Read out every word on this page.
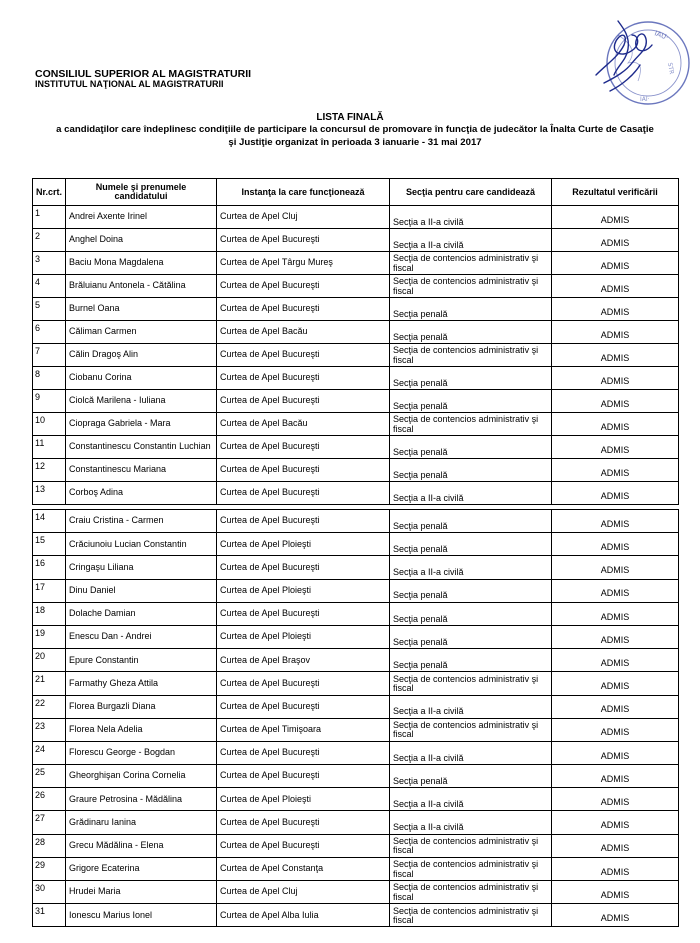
CONSILIUL SUPERIOR AL MAGISTRATURII
INSTITUTUL NAŢIONAL AL MAGISTRATURII
IAU·
STR
IAI·
LISTA FINALĂ
a candidaţilor care îndeplinesc condiţiile de participare la concursul de promovare în funcţia de judecător la Înalta Curte de Casaţie
şi Justiţie organizat în perioada 3 ianuarie - 31 mai 2017
Nr.crt.	Numele şi prenumele candidatului	Instanţa la care funcţionează	Secţia pentru care candidează	Rezultatul verificării
1	Andrei Axente Irinel	Curtea de Apel Cluj	Secţia a II-a civilă	ADMIS
2	Anghel Doina	Curtea de Apel Bucureşti	Secţia a II-a civilă	ADMIS
3	Baciu Mona Magdalena	Curtea de Apel Târgu Mureş	Secţia de contencios administrativ şi fiscal	ADMIS
4	Brăluianu Antonela - Cătălina	Curtea de Apel Bucureşti	Secţia de contencios administrativ şi fiscal	ADMIS
5	Burnel Oana	Curtea de Apel Bucureşti	Secţia penală	ADMIS
6	Căliman Carmen	Curtea de Apel Bacău	Secţia penală	ADMIS
7	Călin Dragoş Alin	Curtea de Apel Bucureşti	Secţia de contencios administrativ şi fiscal	ADMIS
8	Ciobanu Corina	Curtea de Apel Bucureşti	Secţia penală	ADMIS
9	Ciolcă Marilena - Iuliana	Curtea de Apel Bucureşti	Secţia penală	ADMIS
10	Ciopraga Gabriela - Mara	Curtea de Apel Bacău	Secţia de contencios administrativ şi fiscal	ADMIS
11	Constantinescu Constantin Luchian	Curtea de Apel Bucureşti	Secţia penală	ADMIS
12	Constantinescu Mariana	Curtea de Apel Bucureşti	Secţia penală	ADMIS
13	Corboş Adina	Curtea de Apel Bucureşti	Secţia a II-a civilă	ADMIS
14	Craiu Cristina - Carmen	Curtea de Apel Bucureşti	Secţia penală	ADMIS
15	Crăciunoiu Lucian Constantin	Curtea de Apel Ploieşti	Secţia penală	ADMIS
16	Cringaşu Liliana	Curtea de Apel Bucureşti	Secţia a II-a civilă	ADMIS
17	Dinu Daniel	Curtea de Apel Ploieşti	Secţia penală	ADMIS
18	Dolache Damian	Curtea de Apel Bucureşti	Secţia penală	ADMIS
19	Enescu Dan - Andrei	Curtea de Apel Ploieşti	Secţia penală	ADMIS
20	Epure Constantin	Curtea de Apel Braşov	Secţia penală	ADMIS
21	Farmathy Gheza Attila	Curtea de Apel Bucureşti	Secţia de contencios administrativ şi fiscal	ADMIS
22	Florea Burgazli Diana	Curtea de Apel Bucureşti	Secţia a II-a civilă	ADMIS
23	Florea Nela Adelia	Curtea de Apel Timişoara	Secţia de contencios administrativ şi fiscal	ADMIS
24	Florescu George - Bogdan	Curtea de Apel Bucureşti	Secţia a II-a civilă	ADMIS
25	Gheorghişan Corina Cornelia	Curtea de Apel Bucureşti	Secţia penală	ADMIS
26	Graure Petrosina - Mădălina	Curtea de Apel Ploieşti	Secţia a II-a civilă	ADMIS
27	Grădinaru Ianina	Curtea de Apel Bucureşti	Secţia a II-a civilă	ADMIS
28	Grecu Mădălina - Elena	Curtea de Apel Bucureşti	Secţia de contencios administrativ şi fiscal	ADMIS
29	Grigore Ecaterina	Curtea de Apel Constanţa	Secţia de contencios administrativ şi fiscal	ADMIS
30	Hrudei Maria	Curtea de Apel Cluj	Secţia de contencios administrativ şi fiscal	ADMIS
31	Ionescu Marius Ionel	Curtea de Apel Alba Iulia	Secţia de contencios administrativ şi fiscal	ADMIS
